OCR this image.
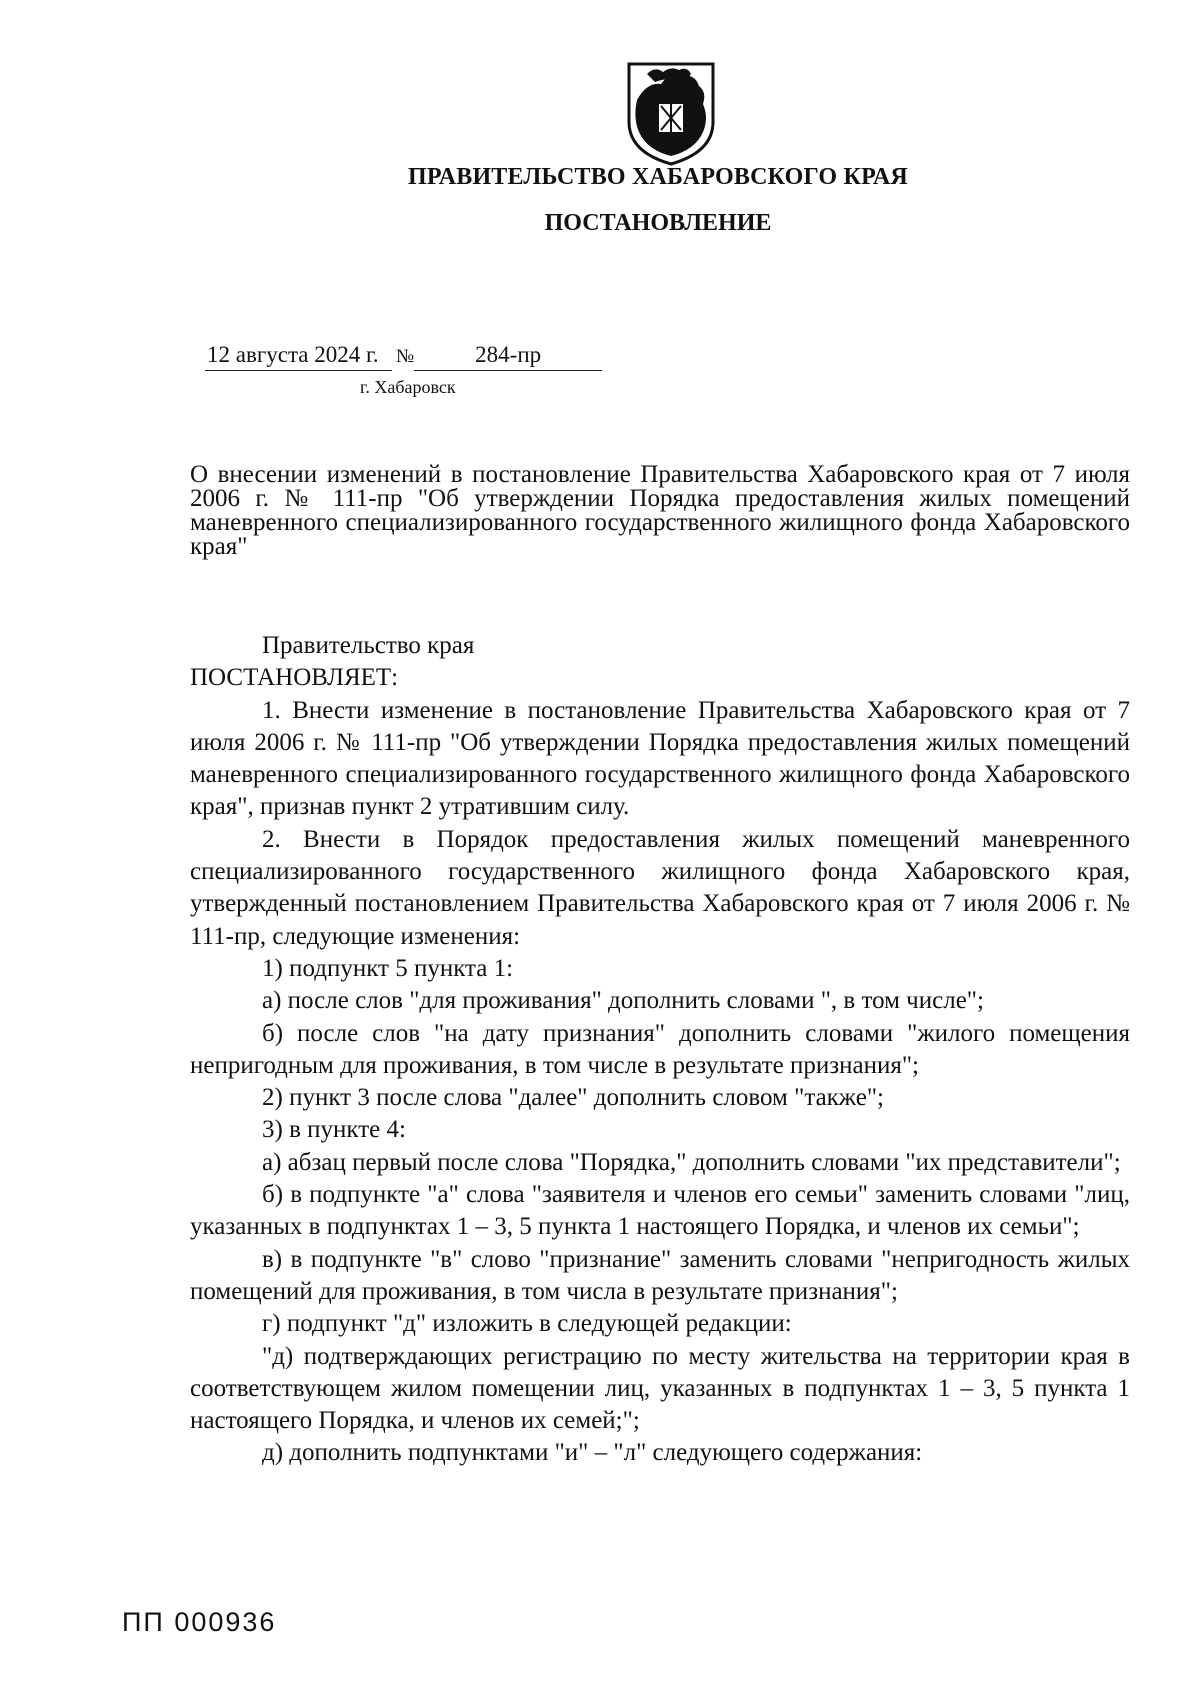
ПРАВИТЕЛЬСТВО ХАБАРОВСКОГО КРАЯ
ПОСТАНОВЛЕНИЕ
12 августа 2024 г. №	284-пр
г. Хабаровск
О внесении изменений в постановление Правительства Хабаровского края от 7 июля 2006 г. № 111-пр "Об утверждении Порядка предоставления жилых помещений маневренного специализированного государственного жилищного фонда Хабаровского края"

Правительство края

ПОСТАНОВЛЯЕТ:

1. Внести изменение в постановление Правительства Хабаровского края от 7 июля 2006 г. № 111-пр "Об утверждении Порядка предоставления жилых помещений маневренного специализированного государственного жилищного фонда Хабаровского края", признав пункт 2 утратившим силу.

2. Внести в Порядок предоставления жилых помещений маневренного специализированного государственного жилищного фонда Хабаровского края, утвержденный постановлением Правительства Хабаровского края от 7 июля 2006 г. № 111-пр, следующие изменения:

1) подпункт 5 пункта 1:

а) после слов "для проживания" дополнить словами ", в том числе";

б) после слов "на дату признания" дополнить словами "жилого помещения непригодным для проживания, в том числе в результате признания";

2) пункт 3 после слова "далее" дополнить словом "также";

3) в пункте 4:

а) абзац первый после слова "Порядка," дополнить словами "их представители";

б) в подпункте "а" слова "заявителя и членов его семьи" заменить словами "лиц, указанных в подпунктах 1 – 3, 5 пункта 1 настоящего Порядка, и членов их семьи";

в) в подпункте "в" слово "признание" заменить словами "непригодность жилых помещений для проживания, в том числа в результате признания";

г) подпункт "д" изложить в следующей редакции:

"д) подтверждающих регистрацию по месту жительства на территории края в соответствующем жилом помещении лиц, указанных в подпунктах 1 – 3, 5 пункта 1 настоящего Порядка, и членов их семей;";

д) дополнить подпунктами "и" – "л" следующего содержания:

ПП 000936
